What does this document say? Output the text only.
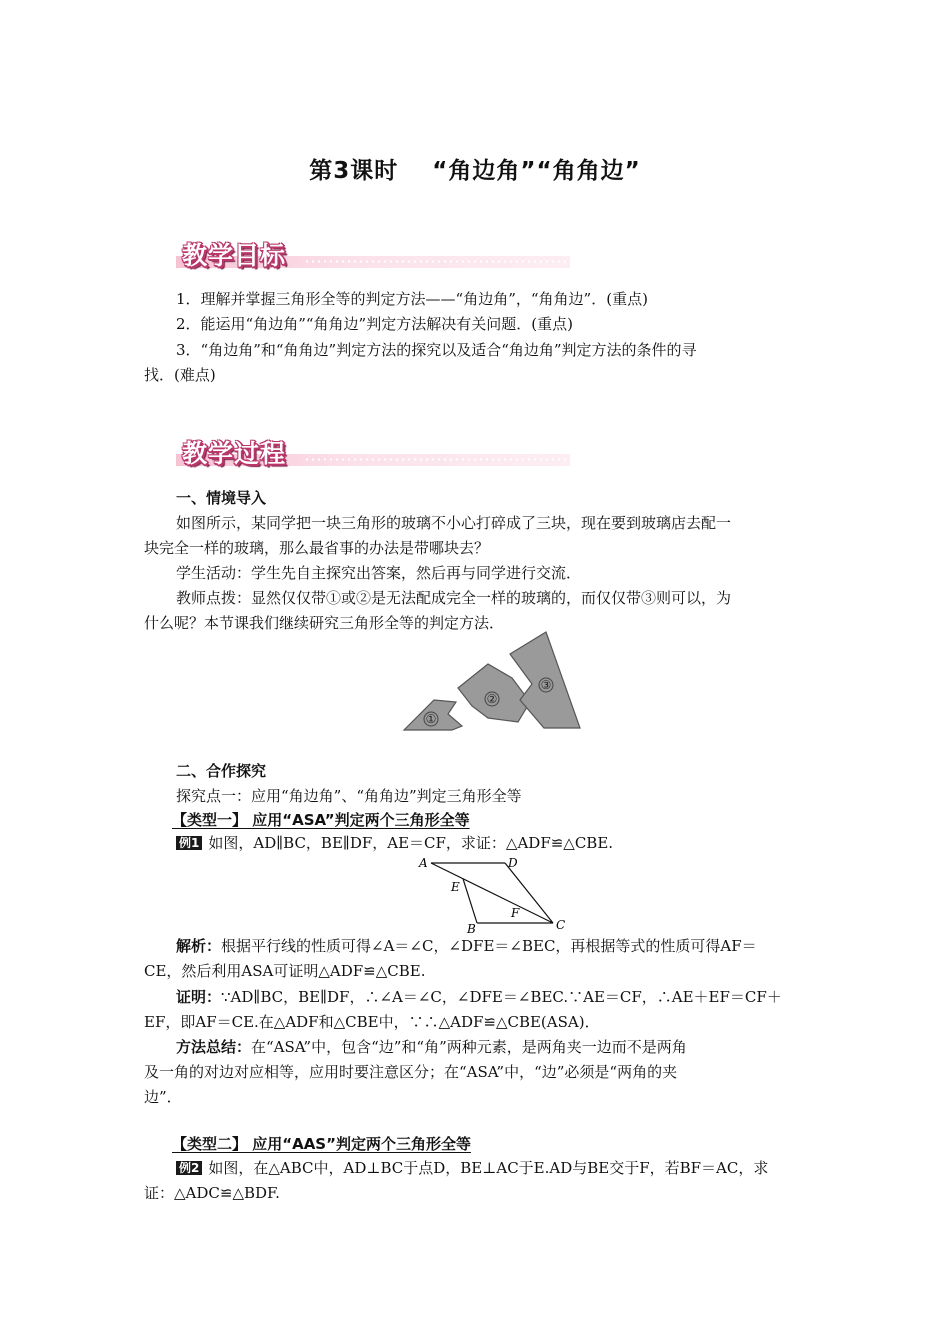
第3课时 “角边角”“角角边”
教学目标
1．理解并掌握三角形全等的判定方法——“角边角”，“角角边”．(重点)
2．能运用“角边角”“角角边”判定方法解决有关问题．(重点)
3．“角边角”和“角角边”判定方法的探究以及适合“角边角”判定方法的条件的寻
找．(难点)
教学过程
一、情境导入
如图所示，某同学把一块三角形的玻璃不小心打碎成了三块，现在要到玻璃店去配一
块完全一样的玻璃，那么最省事的办法是带哪块去？
学生活动：学生先自主探究出答案，然后再与同学进行交流．
教师点拨：显然仅仅带①或②是无法配成完全一样的玻璃的，而仅仅带③则可以，为
什么呢？本节课我们继续研究三角形全等的判定方法．
①
②
③
二、合作探究
探究点一：应用“角边角”、“角角边”判定三角形全等
【类型一】 应用“ASA”判定两个三角形全等
例1 如图，AD∥BC，BE∥DF，AE＝CF，求证：△ADF≌△CBE.
A	D
E
F
B	C
解析：根据平行线的性质可得∠A＝∠C，∠DFE＝∠BEC，再根据等式的性质可得AF＝
CE，然后利用ASA可证明△ADF≌△CBE.
证明：∵AD∥BC，BE∥DF，∴∠A＝∠C，∠DFE＝∠BEC.∵AE＝CF，∴AE＋EF＝CF＋
EF，即AF＝CE.在△ADF和△CBE中，∵∴△ADF≌△CBE(ASA)．
方法总结：在“ASA”中，包含“边”和“角”两种元素，是两角夹一边而不是两角
及一角的对边对应相等，应用时要注意区分；在“ASA”中，“边”必须是“两角的夹
边”．
【类型二】 应用“AAS”判定两个三角形全等
例2 如图，在△ABC中，AD⊥BC于点D，BE⊥AC于E.AD与BE交于F，若BF＝AC，求
证：△ADC≌△BDF.
